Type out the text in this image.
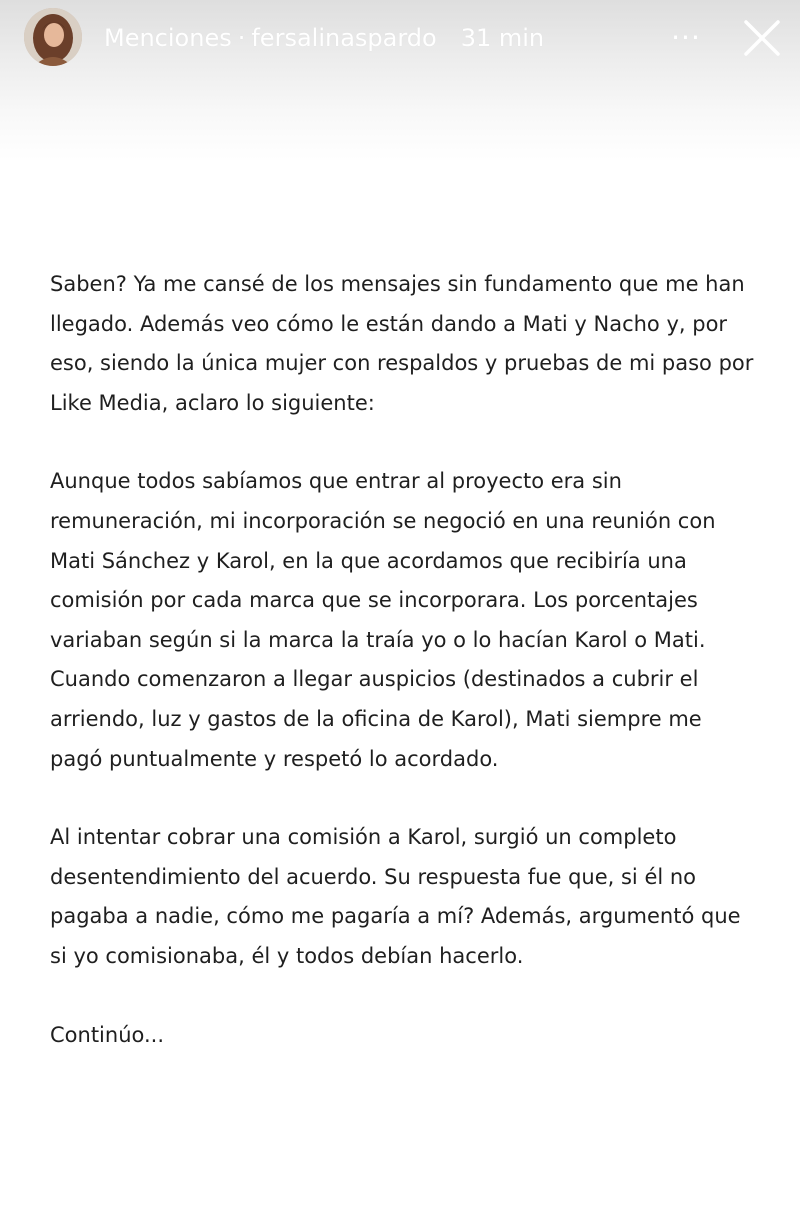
Menciones · fersalinaspardo 31 min	···

Saben? Ya me cansé de los mensajes sin fundamento que me han llegado. Además veo cómo le están dando a Mati y Nacho y, por eso, siendo la única mujer con respaldos y pruebas de mi paso por Like Media, aclaro lo siguiente:

Aunque todos sabíamos que entrar al proyecto era sin remuneración, mi incorporación se negoció en una reunión con Mati Sánchez y Karol, en la que acordamos que recibiría una comisión por cada marca que se incorporara. Los porcentajes variaban según si la marca la traía yo o lo hacían Karol o Mati. Cuando comenzaron a llegar auspicios (destinados a cubrir el arriendo, luz y gastos de la oficina de Karol), Mati siempre me pagó puntualmente y respetó lo acordado.

Al intentar cobrar una comisión a Karol, surgió un completo desentendimiento del acuerdo. Su respuesta fue que, si él no pagaba a nadie, cómo me pagaría a mí? Además, argumentó que si yo comisionaba, él y todos debían hacerlo.

Continúo...
